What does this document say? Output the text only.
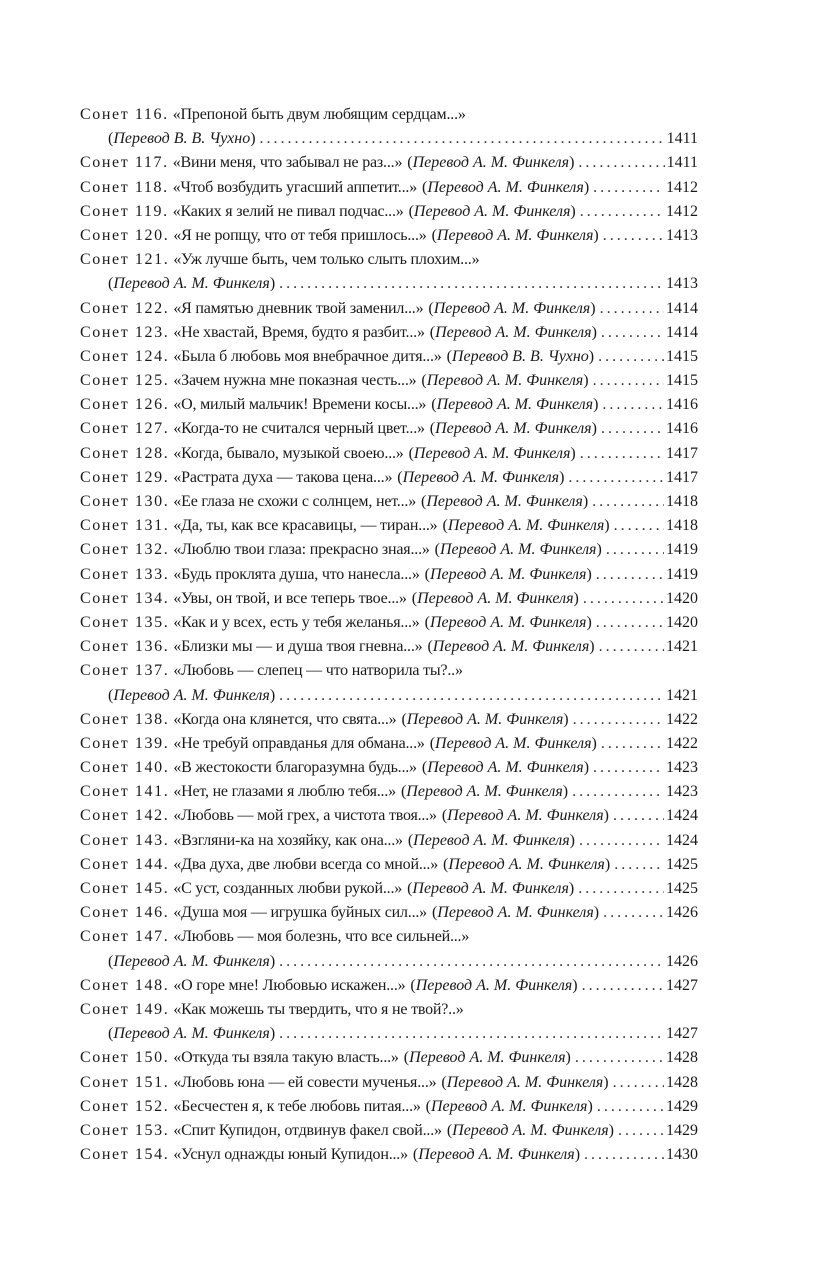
Сонет 116. «Препоной быть двум любящим сердцам...»
(Перевод В. В. Чухно) . . .	1411
Сонет 117. «Вини меня, что забывал не раз...» (Перевод А. М. Финкеля) . . .	1411
Сонет 118. «Чтоб возбудить угасший аппетит...» (Перевод А. М. Финкеля) . . .	1412
Сонет 119. «Каких я зелий не пивал подчас...» (Перевод А. М. Финкеля) . . .	1412
Сонет 120. «Я не ропщу, что от тебя пришлось...» (Перевод А. М. Финкеля) . . .	1413
Сонет 121. «Уж лучше быть, чем только слыть плохим...»
(Перевод А. М. Финкеля) . . .	1413
Сонет 122. «Я памятью дневник твой заменил...» (Перевод А. М. Финкеля) . . .	1414
Сонет 123. «Не хвастай, Время, будто я разбит...» (Перевод А. М. Финкеля) . . .	1414
Сонет 124. «Была б любовь моя внебрачное дитя...» (Перевод В. В. Чухно) . . .	1415
Сонет 125. «Зачем нужна мне показная честь...» (Перевод А. М. Финкеля) . . .	1415
Сонет 126. «О, милый мальчик! Времени косы...» (Перевод А. М. Финкеля) . . .	1416
Сонет 127. «Когда-то не считался черный цвет...» (Перевод А. М. Финкеля) . . .	1416
Сонет 128. «Когда, бывало, музыкой своею...» (Перевод А. М. Финкеля) . . .	1417
Сонет 129. «Растрата духа — такова цена...» (Перевод А. М. Финкеля) . . .	1417
Сонет 130. «Ее глаза не схожи с солнцем, нет...» (Перевод А. М. Финкеля) . . .	1418
Сонет 131. «Да, ты, как все красавицы, — тиран...» (Перевод А. М. Финкеля) . . .	1418
Сонет 132. «Люблю твои глаза: прекрасно зная...» (Перевод А. М. Финкеля) . . .	1419
Сонет 133. «Будь проклята душа, что нанесла...» (Перевод А. М. Финкеля) . . .	1419
Сонет 134. «Увы, он твой, и все теперь твое...» (Перевод А. М. Финкеля) . . .	1420
Сонет 135. «Как и у всех, есть у тебя желанья...» (Перевод А. М. Финкеля) . . .	1420
Сонет 136. «Близки мы — и душа твоя гневна...» (Перевод А. М. Финкеля) . . .	1421
Сонет 137. «Любовь — слепец — что натворила ты?..»
(Перевод А. М. Финкеля) . . .	1421
Сонет 138. «Когда она клянется, что свята...» (Перевод А. М. Финкеля) . . .	1422
Сонет 139. «Не требуй оправданья для обмана...» (Перевод А. М. Финкеля) . . .	1422
Сонет 140. «В жестокости благоразумна будь...» (Перевод А. М. Финкеля) . . .	1423
Сонет 141. «Нет, не глазами я люблю тебя...» (Перевод А. М. Финкеля) . . .	1423
Сонет 142. «Любовь — мой грех, а чистота твоя...» (Перевод А. М. Финкеля) . . .	1424
Сонет 143. «Взгляни-ка на хозяйку, как она...» (Перевод А. М. Финкеля) . . .	1424
Сонет 144. «Два духа, две любви всегда со мной...» (Перевод А. М. Финкеля) . . .	1425
Сонет 145. «С уст, созданных любви рукой...» (Перевод А. М. Финкеля) . . .	1425
Сонет 146. «Душа моя — игрушка буйных сил...» (Перевод А. М. Финкеля) . . .	1426
Сонет 147. «Любовь — моя болезнь, что все сильней...»
(Перевод А. М. Финкеля) . . .	1426
Сонет 148. «О горе мне! Любовью искажен...» (Перевод А. М. Финкеля) . . .	1427
Сонет 149. «Как можешь ты твердить, что я не твой?..»
(Перевод А. М. Финкеля) . . .	1427
Сонет 150. «Откуда ты взяла такую власть...» (Перевод А. М. Финкеля) . . .	1428
Сонет 151. «Любовь юна — ей совести мученья...» (Перевод А. М. Финкеля) . . .	1428
Сонет 152. «Бесчестен я, к тебе любовь питая...» (Перевод А. М. Финкеля) . . .	1429
Сонет 153. «Спит Купидон, отдвинув факел свой...» (Перевод А. М. Финкеля) . . .	1429
Сонет 154. «Уснул однажды юный Купидон...» (Перевод А. М. Финкеля) . . .	1430
